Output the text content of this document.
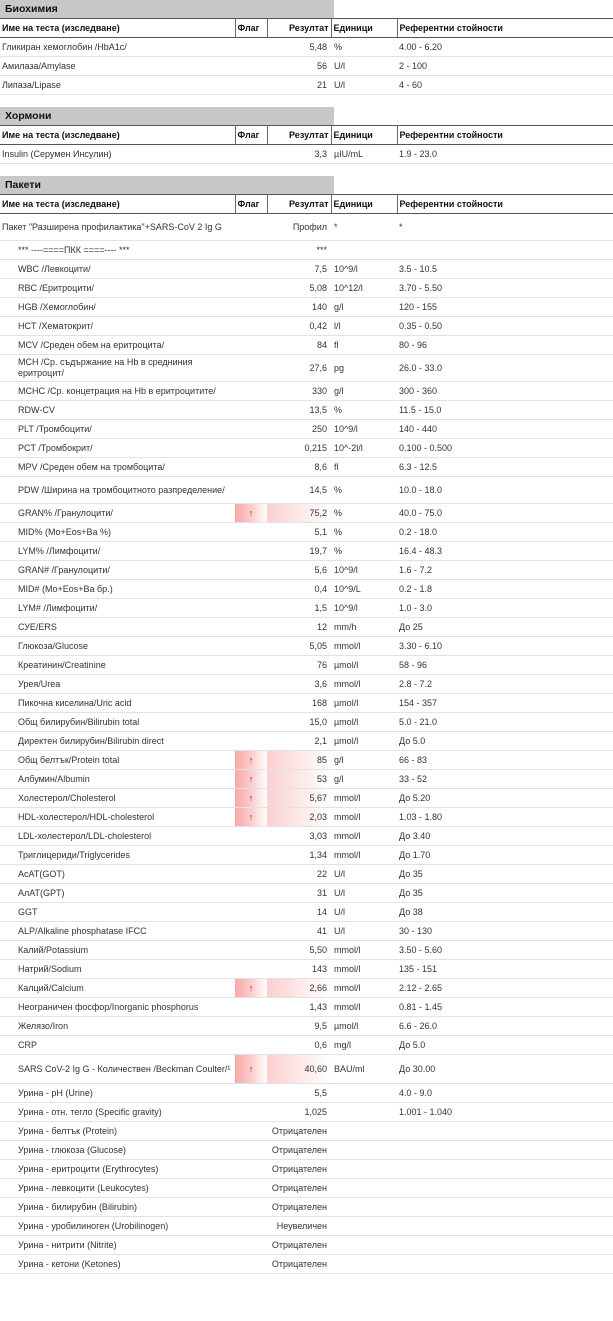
Биохимия
Име на теста (изследване)	Флаг	Резултат	Единици	Референтни стойности
Гликиран хемоглобин /HbA1c/		5,48	%	4.00 - 6.20
Амилаза/Amylase		56	U/l	2 - 100
Липаза/Lipase		21	U/l	4 - 60
Хормони
Име на теста (изследване)	Флаг	Резултат	Единици	Референтни стойности
Insulin (Серумен Инсулин)		3,3	µIU/mL	1.9 - 23.0
Пакети
Име на теста (изследване)	Флаг	Резултат	Единици	Референтни стойности
Пакет "Разширена профилактика"+SARS-CoV 2 Ig G		Профил	*	*
*** ----====ПКК ====---- ***		***		
WBC /Левкоцити/		7,5	10^9/l	3.5 - 10.5
RBC /Еритроцити/		5,08	10^12/l	3.70 - 5.50
HGB /Хемоглобин/		140	g/l	120 - 155
HCT /Хематокрит/		0,42	l/l	0.35 - 0.50
MCV /Среден обем на еритроцита/		84	fl	80 - 96
MCH /Ср. съдържание на Hb в средниния еритроцит/		27,6	pg	26.0 - 33.0
MCHC /Ср. концетрация на Hb в еритроцитите/		330	g/l	300 - 360
RDW-CV		13,5	%	11.5 - 15.0
PLT /Тромбоцити/		250	10^9/l	140 - 440
PCT /Тромбокрит/		0,215	10^-2l/l	0.100 - 0.500
MPV /Среден обем на тромбоцита/		8,6	fl	6.3 - 12.5
PDW /Ширина на тромбоцитното разпределение/		14,5	%	10.0 - 18.0
GRAN% /Гранулоцити/	↑	75,2	%	40.0 - 75.0
MID% (Mo+Eos+Ba %)		5,1	%	0.2 - 18.0
LYM% /Лимфоцити/		19,7	%	16.4 - 48.3
GRAN# /Гранулоцити/		5,6	10^9/l	1.6 - 7.2
MID# (Mo+Eos+Ba бр.)		0,4	10^9/L	0.2 - 1.8
LYM# /Лимфоцити/		1,5	10^9/l	1.0 - 3.0
СУЕ/ERS		12	mm/h	До 25
Глюкоза/Glucose		5,05	mmol/l	3.30 - 6.10
Креатинин/Creatinine		76	µmol/l	58 - 96
Урея/Urea		3,6	mmol/l	2.8 - 7.2
Пикочна киселина/Uric acid		168	µmol/l	154 - 357
Общ билирубин/Bilirubin total		15,0	µmol/l	5.0 - 21.0
Директен билирубин/Bilirubin direct		2,1	µmol/l	До 5.0
Общ белтък/Protein total	↑	85	g/l	66 - 83
Албумин/Albumin	↑	53	g/l	33 - 52
Холестерол/Cholesterol	↑	5,67	mmol/l	До 5.20
HDL-холестерол/HDL-cholesterol	↑	2,03	mmol/l	1.03 - 1.80
LDL-холестерол/LDL-cholesterol		3,03	mmol/l	До 3.40
Триглицериди/Triglycerides		1,34	mmol/l	До 1.70
AcAT(GOT)		22	U/l	До 35
АлАТ(GPT)		31	U/l	До 35
GGT		14	U/l	До 38
ALP/Alkaline phosphatase IFCC		41	U/l	30 - 130
Калий/Potassium		5,50	mmol/l	3.50 - 5.60
Натрий/Sodium		143	mmol/l	135 - 151
Калций/Calcium	↑	2,66	mmol/l	2.12 - 2.65
Неограничен фосфор/Inorganic phosphorus		1,43	mmol/l	0.81 - 1.45
Желязо/Iron		9,5	µmol/l	6.6 - 26.0
CRP		0,6	mg/l	До 5.0
SARS CoV-2 Ig G - Количествен /Beckman Coulter/¹	↑	40,60	BAU/ml	До 30.00
Урина - pH (Urine)		5,5		4.0 - 9.0
Урина - отн. тегло (Specific gravity)		1,025		1.001 - 1.040
Урина - белтък (Protein)		Отрицателен		
Урина - глюкоза (Glucose)		Отрицателен		
Урина - еритроцити (Erythrocytes)		Отрицателен		
Урина - левкоцити (Leukocytes)		Отрицателен		
Урина - билирубин (Bilirubin)		Отрицателен		
Урина - уробилиноген (Urobilinogen)		Неувеличен		
Урина - нитрити (Nitrite)		Отрицателен		
Урина - кетони (Ketones)		Отрицателен		
